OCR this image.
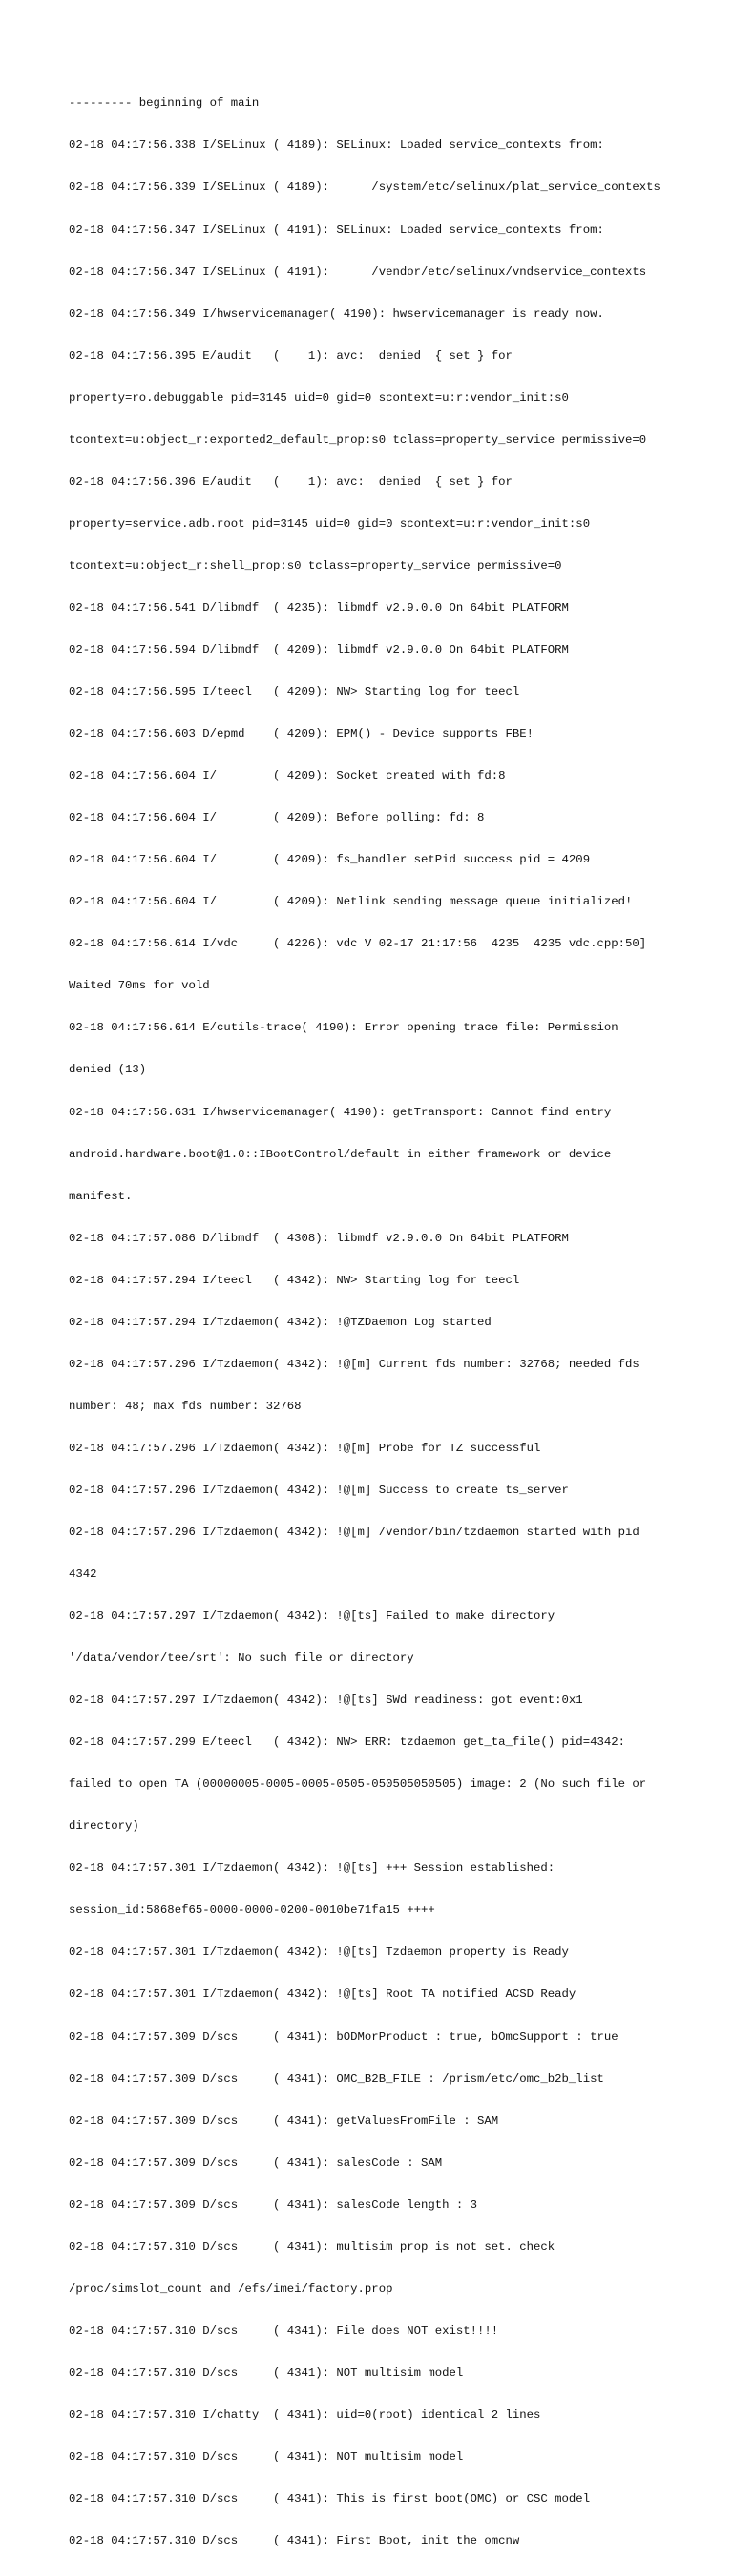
--------- beginning of main

02-18 04:17:56.338 I/SELinux ( 4189): SELinux: Loaded service_contexts from:

02-18 04:17:56.339 I/SELinux ( 4189):      /system/etc/selinux/plat_service_contexts

02-18 04:17:56.347 I/SELinux ( 4191): SELinux: Loaded service_contexts from:

02-18 04:17:56.347 I/SELinux ( 4191):      /vendor/etc/selinux/vndservice_contexts

02-18 04:17:56.349 I/hwservicemanager( 4190): hwservicemanager is ready now.

02-18 04:17:56.395 E/audit   (    1): avc:  denied  { set } for

property=ro.debuggable pid=3145 uid=0 gid=0 scontext=u:r:vendor_init:s0

tcontext=u:object_r:exported2_default_prop:s0 tclass=property_service permissive=0

02-18 04:17:56.396 E/audit   (    1): avc:  denied  { set } for

property=service.adb.root pid=3145 uid=0 gid=0 scontext=u:r:vendor_init:s0

tcontext=u:object_r:shell_prop:s0 tclass=property_service permissive=0

02-18 04:17:56.541 D/libmdf  ( 4235): libmdf v2.9.0.0 On 64bit PLATFORM

02-18 04:17:56.594 D/libmdf  ( 4209): libmdf v2.9.0.0 On 64bit PLATFORM

02-18 04:17:56.595 I/teecl   ( 4209): NW> Starting log for teecl

02-18 04:17:56.603 D/epmd    ( 4209): EPM() - Device supports FBE!

02-18 04:17:56.604 I/        ( 4209): Socket created with fd:8

02-18 04:17:56.604 I/        ( 4209): Before polling: fd: 8

02-18 04:17:56.604 I/        ( 4209): fs_handler setPid success pid = 4209

02-18 04:17:56.604 I/        ( 4209): Netlink sending message queue initialized!

02-18 04:17:56.614 I/vdc     ( 4226): vdc V 02-17 21:17:56  4235  4235 vdc.cpp:50]

Waited 70ms for vold

02-18 04:17:56.614 E/cutils-trace( 4190): Error opening trace file: Permission

denied (13)

02-18 04:17:56.631 I/hwservicemanager( 4190): getTransport: Cannot find entry

android.hardware.boot@1.0::IBootControl/default in either framework or device

manifest.

02-18 04:17:57.086 D/libmdf  ( 4308): libmdf v2.9.0.0 On 64bit PLATFORM

02-18 04:17:57.294 I/teecl   ( 4342): NW> Starting log for teecl

02-18 04:17:57.294 I/Tzdaemon( 4342): !@TZDaemon Log started

02-18 04:17:57.296 I/Tzdaemon( 4342): !@[m] Current fds number: 32768; needed fds

number: 48; max fds number: 32768

02-18 04:17:57.296 I/Tzdaemon( 4342): !@[m] Probe for TZ successful

02-18 04:17:57.296 I/Tzdaemon( 4342): !@[m] Success to create ts_server

02-18 04:17:57.296 I/Tzdaemon( 4342): !@[m] /vendor/bin/tzdaemon started with pid

4342

02-18 04:17:57.297 I/Tzdaemon( 4342): !@[ts] Failed to make directory

'/data/vendor/tee/srt': No such file or directory

02-18 04:17:57.297 I/Tzdaemon( 4342): !@[ts] SWd readiness: got event:0x1

02-18 04:17:57.299 E/teecl   ( 4342): NW> ERR: tzdaemon get_ta_file() pid=4342:

failed to open TA (00000005-0005-0005-0505-050505050505) image: 2 (No such file or

directory)

02-18 04:17:57.301 I/Tzdaemon( 4342): !@[ts] +++ Session established:

session_id:5868ef65-0000-0000-0200-0010be71fa15 ++++

02-18 04:17:57.301 I/Tzdaemon( 4342): !@[ts] Tzdaemon property is Ready

02-18 04:17:57.301 I/Tzdaemon( 4342): !@[ts] Root TA notified ACSD Ready

02-18 04:17:57.309 D/scs     ( 4341): bODMorProduct : true, bOmcSupport : true

02-18 04:17:57.309 D/scs     ( 4341): OMC_B2B_FILE : /prism/etc/omc_b2b_list

02-18 04:17:57.309 D/scs     ( 4341): getValuesFromFile : SAM

02-18 04:17:57.309 D/scs     ( 4341): salesCode : SAM

02-18 04:17:57.309 D/scs     ( 4341): salesCode length : 3

02-18 04:17:57.310 D/scs     ( 4341): multisim prop is not set. check

/proc/simslot_count and /efs/imei/factory.prop

02-18 04:17:57.310 D/scs     ( 4341): File does NOT exist!!!!

02-18 04:17:57.310 D/scs     ( 4341): NOT multisim model

02-18 04:17:57.310 I/chatty  ( 4341): uid=0(root) identical 2 lines

02-18 04:17:57.310 D/scs     ( 4341): NOT multisim model

02-18 04:17:57.310 D/scs     ( 4341): This is first boot(OMC) or CSC model

02-18 04:17:57.310 D/scs     ( 4341): First Boot, init the omcnw
